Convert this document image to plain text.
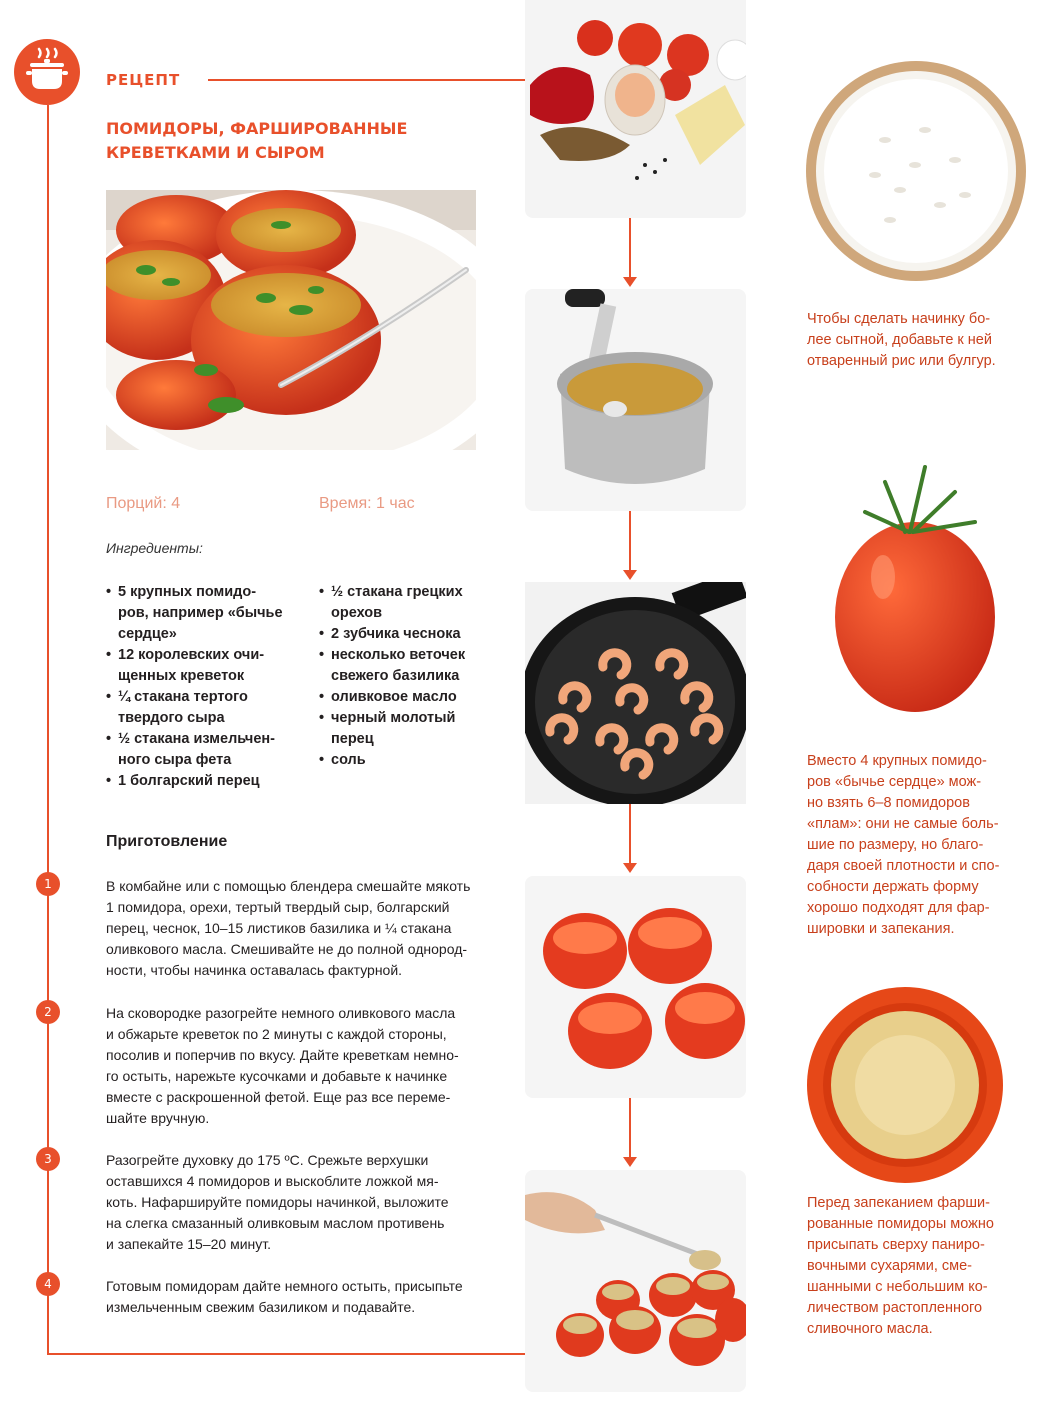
РЕЦЕПТ
ПОМИДОРЫ, ФАРШИРОВАННЫЕ
КРЕВЕТКАМИ И СЫРОМ
Порций: 4	Время: 1 час
Ингредиенты:
• 5 крупных помидо-
ров, например «бычье
сердце»
• 12 королевских очи-
щенных креветок
• ¼ стакана тертого
твердого сыра
• ½ стакана измельчен-
ного сыра фета
• 1 болгарский перец
• ½ стакана грецких
орехов
• 2 зубчика чеснока
• несколько веточек
свежего базилика
• оливковое масло
• черный молотый
перец
• соль
Приготовление
1
2
3
4

В комбайне или с помощью блендера смешайте мякоть
1 помидора, орехи, тертый твердый сыр, болгарский
перец, чеснок, 10–15 листиков базилика и ¼ стакана
оливкового масла. Смешивайте не до полной однород-
ности, чтобы начинка оставалась фактурной.

На сковородке разогрейте немного оливкового масла
и обжарьте креветок по 2 минуты с каждой стороны,
посолив и поперчив по вкусу. Дайте креветкам немно-
го остыть, нарежьте кусочками и добавьте к начинке
вместе с раскрошенной фетой. Еще раз все переме-
шайте вручную.

Разогрейте духовку до 175 ºC. Срежьте верхушки
оставшихся 4 помидоров и выскоблите ложкой мя-
коть. Нафаршируйте помидоры начинкой, выложите
на слегка смазанный оливковым маслом противень
и запекайте 15–20 минут.

Готовым помидорам дайте немного остыть, присыпьте
измельченным свежим базиликом и подавайте.

Чтобы сделать начинку бо-
лее сытной, добавьте к ней
отваренный рис или булгур.

Вместо 4 крупных помидо-
ров «бычье сердце» мож-
но взять 6–8 помидоров
«плам»: они не самые боль-
шие по размеру, но благо-
даря своей плотности и спо-
собности держать форму
хорошо подходят для фар-
шировки и запекания.

Перед запеканием фарши-
рованные помидоры можно
присыпать сверху паниро-
вочными сухарями, сме-
шанными с небольшим ко-
личеством растопленного
сливочного масла.
